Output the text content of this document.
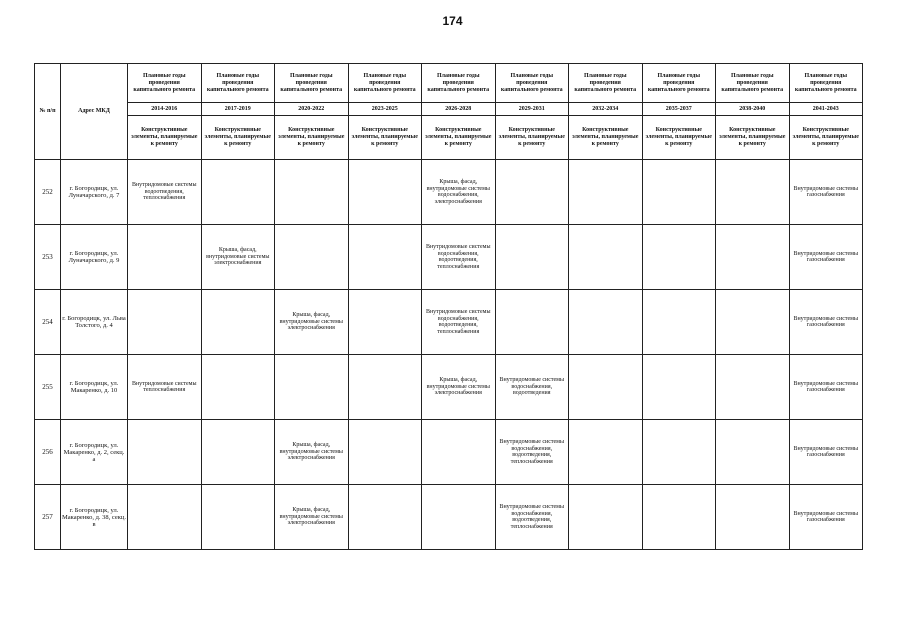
174
№ п/п	Адрес МКД	Плановые годы проведения капитального ремонта	Плановые годы проведения капитального ремонта	Плановые годы проведения капитального ремонта	Плановые годы проведения капитального ремонта	Плановые годы проведения капитального ремонта	Плановые годы проведения капитального ремонта	Плановые годы проведения капитального ремонта	Плановые годы проведения капитального ремонта	Плановые годы проведения капитального ремонта	Плановые годы проведения капитального ремонта
		2014-2016	2017-2019	2020-2022	2023-2025	2026-2028	2029-2031	2032-2034	2035-2037	2038-2040	2041-2043
		Конструктивные элементы, планируемые к ремонту	Конструктивные элементы, планируемые к ремонту	Конструктивные элементы, планируемые к ремонту	Конструктивные элементы, планируемые к ремонту	Конструктивные элементы, планируемые к ремонту	Конструктивные элементы, планируемые к ремонту	Конструктивные элементы, планируемые к ремонту	Конструктивные элементы, планируемые к ремонту	Конструктивные элементы, планируемые к ремонту	Конструктивные элементы, планируемые к ремонту
252	г. Богородицк, ул. Луначарского, д. 7	Внутридомовые системы водоотведения, теплоснабжения				Крыша, фасад, внутридомовые системы водоснабжения, электроснабжения					Внутридомовые системы газоснабжения
253	г. Богородицк, ул. Луначарского, д. 9		Крыша, фасад, внутридомовые системы электроснабжения			Внутридомовые системы водоснабжения, водоотведения, теплоснабжения					Внутридомовые системы газоснабжения
254	г. Богородицк, ул. Льва Толстого, д. 4			Крыша, фасад, внутридомовые системы электроснабжения		Внутридомовые системы водоснабжения, водоотведения, теплоснабжения					Внутридомовые системы газоснабжения
255	г. Богородицк, ул. Макаренко, д. 10	Внутридомовые системы теплоснабжения				Крыша, фасад, внутридомовые системы электроснабжения	Внутридомовые системы водоснабжения, водоотведения				Внутридомовые системы газоснабжения
256	г. Богородицк, ул. Макаренко, д. 2, секц. а			Крыша, фасад, внутридомовые системы электроснабжения			Внутридомовые системы водоснабжения, водоотведения, теплоснабжения				Внутридомовые системы газоснабжения
257	г. Богородицк, ул. Макаренко, д. 38, секц. в			Крыша, фасад, внутридомовые системы электроснабжения			Внутридомовые системы водоснабжения, водоотведения, теплоснабжения				Внутридомовые системы газоснабжения
